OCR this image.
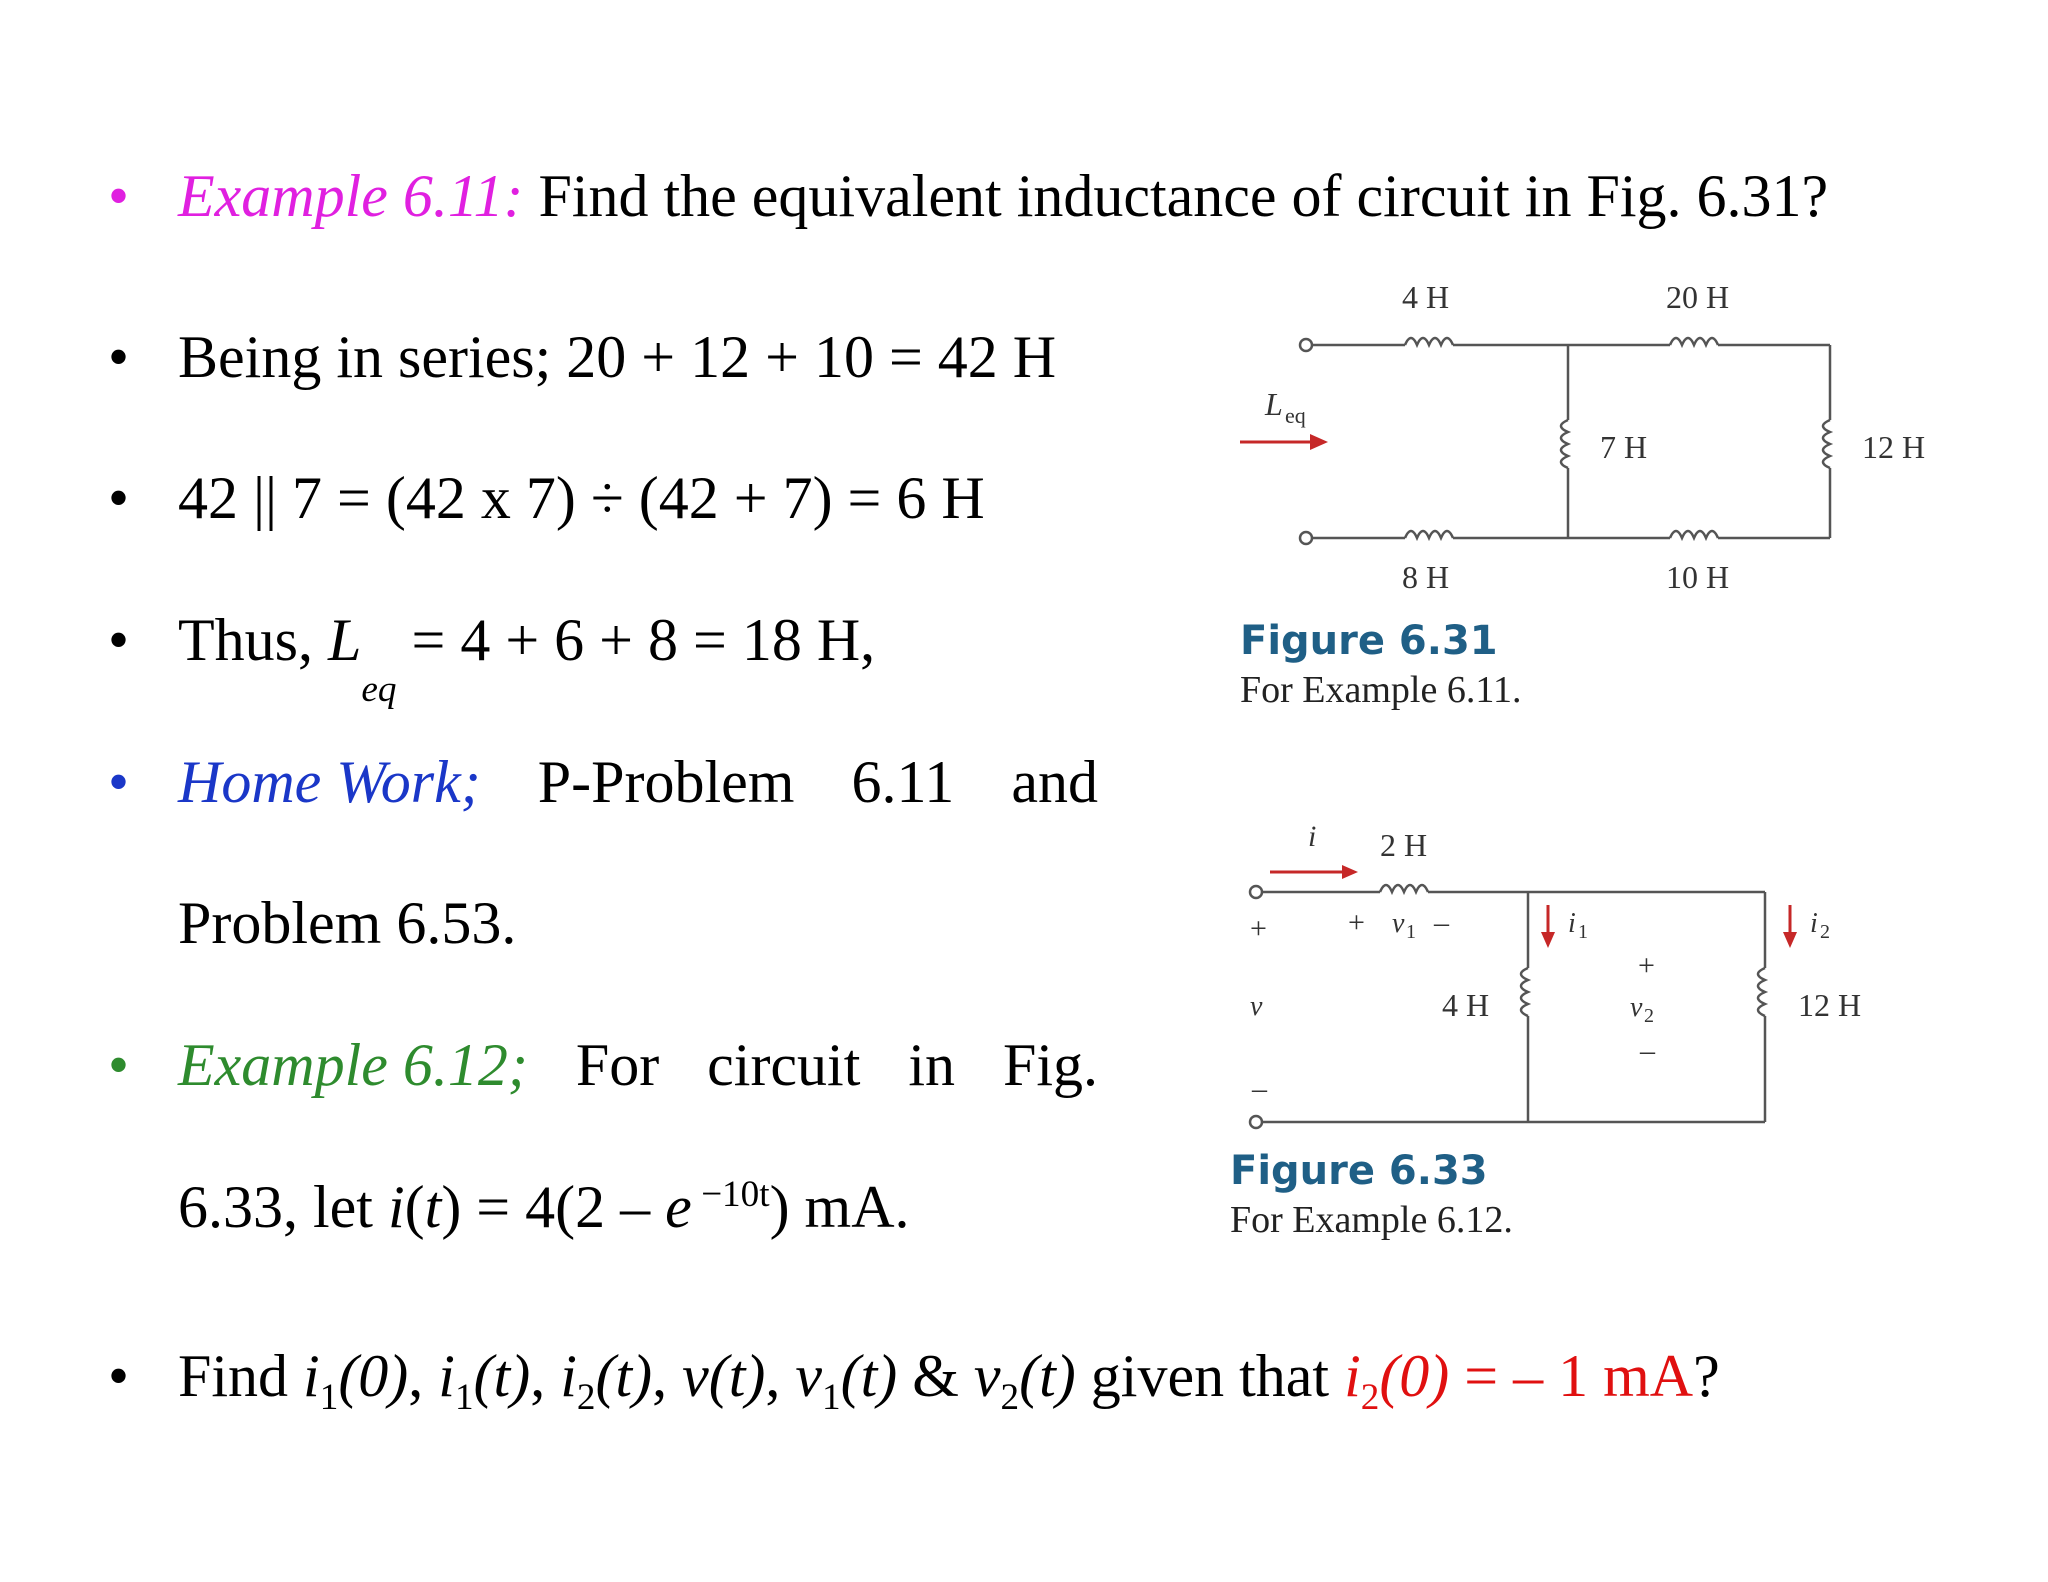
• Example 6.11: Find the equivalent inductance of circuit in Fig. 6.31?
• Being in series; 20 + 12 + 10 = 42 H
• 42 || 7 = (42 x 7) ÷ (42 + 7) = 6 H
• Thus, $L_{eq} = 4 + 6 + 8 = 18$ H,
• Home Work; P-Problem 6.11 and
Problem 6.53.
• Example 6.12; For circuit in Fig.
6.33, let i(t) = 4(2 – e $^{-10t}$) mA.
• Find $i_1(0)$, $i_1(t)$, $i_2(t)$, v(t), $v_1(t)$ & $v_2(t)$ given that $i_2(0)$ = – 1 mA?
L eq
4 H	20 H
7 H	12 H
8 H	10 H
Figure 6.31
For Example 6.11.
i 2 H
+
v
–
+ v 1 –	i 1
4 H
+
v 2
–
i 2
12 H
Figure 6.33
For Example 6.12.
